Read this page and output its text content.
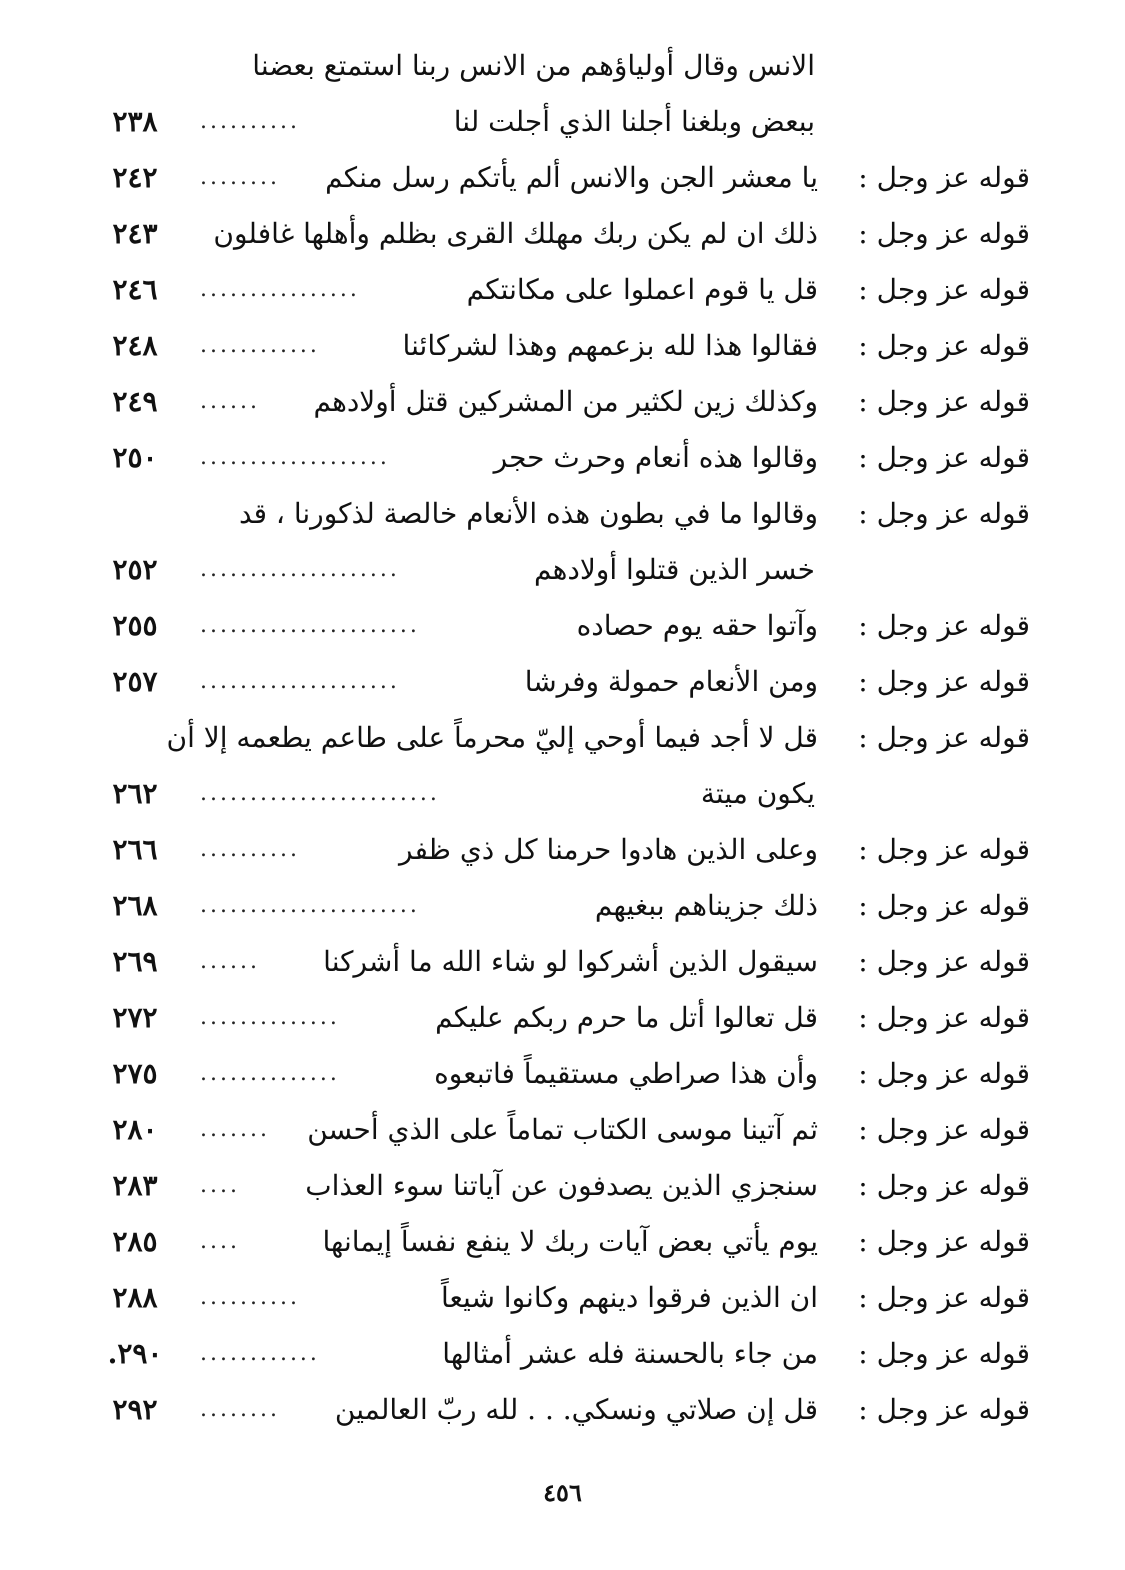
الانس وقال أولياؤهم من الانس ربنا استمتع بعضنا
ببعض وبلغنا أجلنا الذي أجلت لنا
..........
٢٣٨
قوله عز وجل :
يا معشر الجن والانس ألم يأتكم رسل منكم
........
٢٤٢
قوله عز وجل :
ذلك ان لم يكن ربك مهلك القرى بظلم وأهلها غافلون
٢٤٣
قوله عز وجل :
قل يا قوم اعملوا على مكانتكم
................
٢٤٦
قوله عز وجل :
فقالوا هذا لله بزعمهم وهذا لشركائنا
............
٢٤٨
قوله عز وجل :
وكذلك زين لكثير من المشركين قتل أولادهم
......
٢٤٩
قوله عز وجل :
وقالوا هذه أنعام وحرث حجر
...................
٢٥٠
قوله عز وجل :
وقالوا ما في بطون هذه الأنعام خالصة لذكورنا ، قد
خسر الذين قتلوا أولادهم
....................
٢٥٢
قوله عز وجل :
وآتوا حقه يوم حصاده
......................
٢٥٥
قوله عز وجل :
ومن الأنعام حمولة وفرشا
....................
٢٥٧
قوله عز وجل :
قل لا أجد فيما أوحي إليّ محرماً على طاعم يطعمه إلا أن
يكون ميتة
........................
٢٦٢
قوله عز وجل :
وعلى الذين هادوا حرمنا كل ذي ظفر
..........
٢٦٦
قوله عز وجل :
ذلك جزيناهم ببغيهم
......................
٢٦٨
قوله عز وجل :
سيقول الذين أشركوا لو شاء الله ما أشركنا
......
٢٦٩
قوله عز وجل :
قل تعالوا أتل ما حرم ربكم عليكم
..............
٢٧٢
قوله عز وجل :
وأن هذا صراطي مستقيماً فاتبعوه
..............
٢٧٥
قوله عز وجل :
ثم آتينا موسى الكتاب تماماً على الذي أحسن
.......
٢٨٠
قوله عز وجل :
سنجزي الذين يصدفون عن آياتنا سوء العذاب
....
٢٨٣
قوله عز وجل :
يوم يأتي بعض آيات ربك لا ينفع نفساً إيمانها
....
٢٨٥
قوله عز وجل :
ان الذين فرقوا دينهم وكانوا شيعاً
..........
٢٨٨
قوله عز وجل :
من جاء بالحسنة فله عشر أمثالها
............
٢٩٠.
قوله عز وجل :
قل إن صلاتي ونسكي. . . لله ربّ العالمين
........
٢٩٢
٤٥٦
